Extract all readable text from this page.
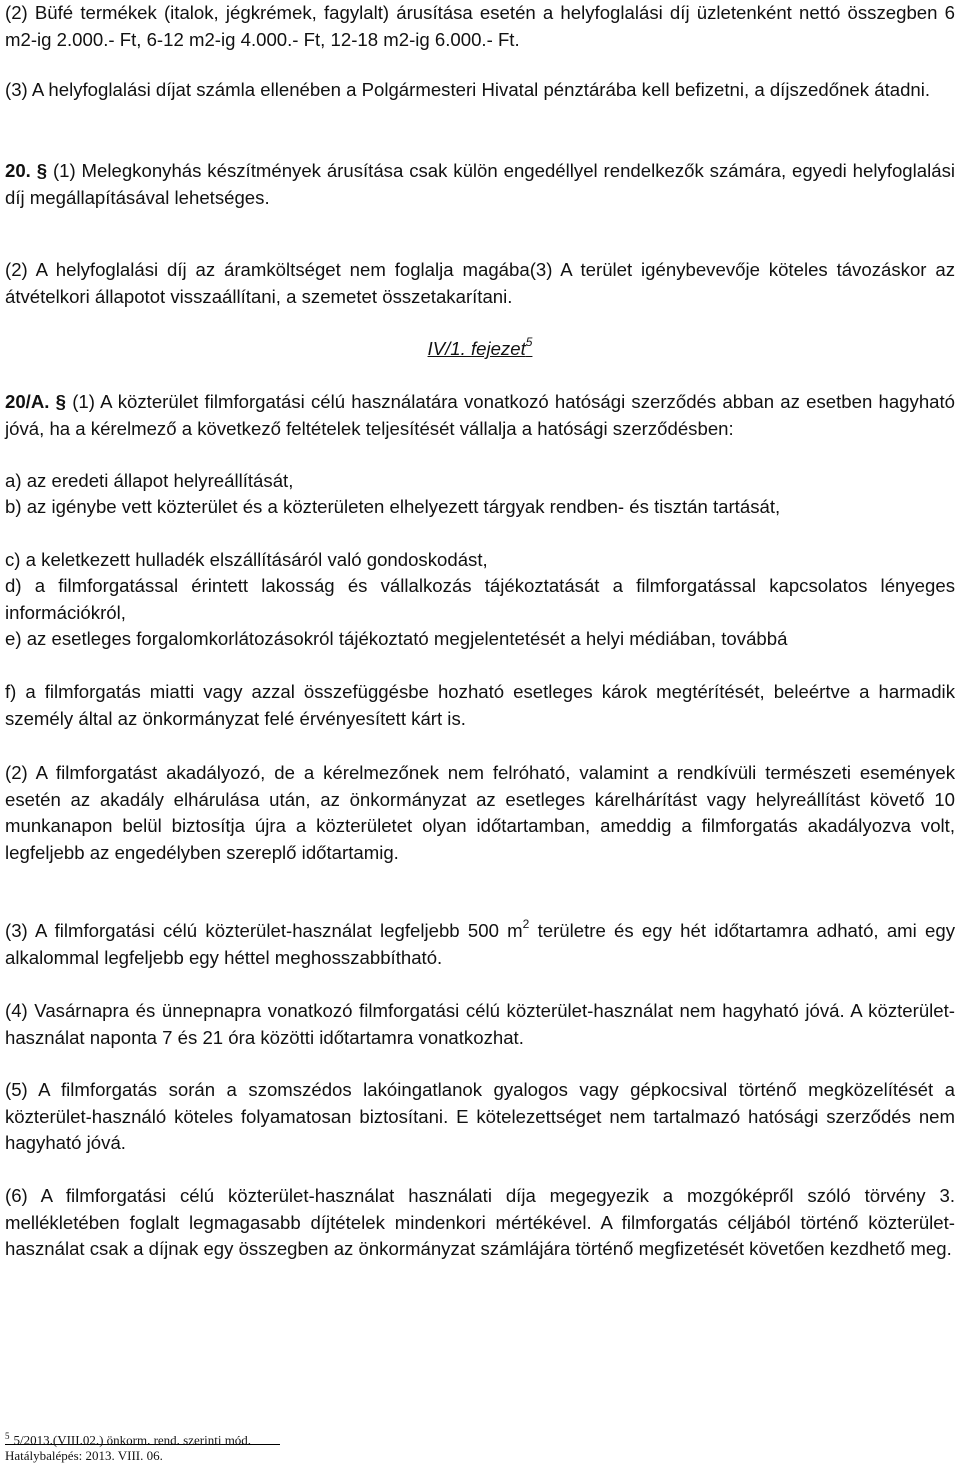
(2) Büfé termékek (italok, jégkrémek, fagylalt) árusítása esetén a helyfoglalási díj üzletenként nettó összegben 6 m2-ig 2.000.- Ft, 6-12 m2-ig 4.000.- Ft, 12-18 m2-ig 6.000.- Ft.
(3) A helyfoglalási díjat számla ellenében a Polgármesteri Hivatal pénztárába kell befizetni, a díjszedőnek átadni.
20. § (1) Melegkonyhás készítmények árusítása csak külön engedéllyel rendelkezők számára, egyedi helyfoglalási díj megállapításával lehetséges.
(2) A helyfoglalási díj az áramköltséget nem foglalja magába(3) A terület igénybevevője köteles távozáskor az átvételkori állapotot visszaállítani, a szemetet összetakarítani.
IV/1. fejezet$^5$
20/A. § (1) A közterület filmforgatási célú használatára vonatkozó hatósági szerződés abban az esetben hagyható jóvá, ha a kérelmező a következő feltételek teljesítését vállalja a hatósági szerződésben:
a) az eredeti állapot helyreállítását,
b) az igénybe vett közterület és a közterületen elhelyezett tárgyak rendben- és tisztán tartását,
c) a keletkezett hulladék elszállításáról való gondoskodást,
d) a filmforgatással érintett lakosság és vállalkozás tájékoztatását a filmforgatással kapcsolatos lényeges információkról,
e) az esetleges forgalomkorlátozásokról tájékoztató megjelentetését a helyi médiában, továbbá
f) a filmforgatás miatti vagy azzal összefüggésbe hozható esetleges károk megtérítését, beleértve a harmadik személy által az önkormányzat felé érvényesített kárt is.
(2) A filmforgatást akadályozó, de a kérelmezőnek nem felróható, valamint a rendkívüli természeti események esetén az akadály elhárulása után, az önkormányzat az esetleges kárelhárítást vagy helyreállítást követő 10 munkanapon belül biztosítja újra a közterületet olyan időtartamban, ameddig a filmforgatás akadályozva volt, legfeljebb az engedélyben szereplő időtartamig.
(3) A filmforgatási célú közterület-használat legfeljebb 500 $m^2$ területre és egy hét időtartamra adható, ami egy alkalommal legfeljebb egy héttel meghosszabbítható.
(4) Vasárnapra és ünnepnapra vonatkozó filmforgatási célú közterület-használat nem hagyható jóvá. A közterület-használat naponta 7 és 21 óra közötti időtartamra vonatkozhat.
(5) A filmforgatás során a szomszédos lakóingatlanok gyalogos vagy gépkocsival történő megközelítését a közterület-használó köteles folyamatosan biztosítani. E kötelezettséget nem tartalmazó hatósági szerződés nem hagyható jóvá.
(6) A filmforgatási célú közterület-használat használati díja megegyezik a mozgóképről szóló törvény 3. mellékletében foglalt legmagasabb díjtételek mindenkori mértékével. A filmforgatás céljából történő közterület-használat csak a díjnak egy összegben az önkormányzat számlájára történő megfizetését követően kezdhető meg.
$^5$ 5/2013.(VIII.02.) önkorm. rend. szerinti mód.
Hatálybalépés: 2013. VIII. 06.
